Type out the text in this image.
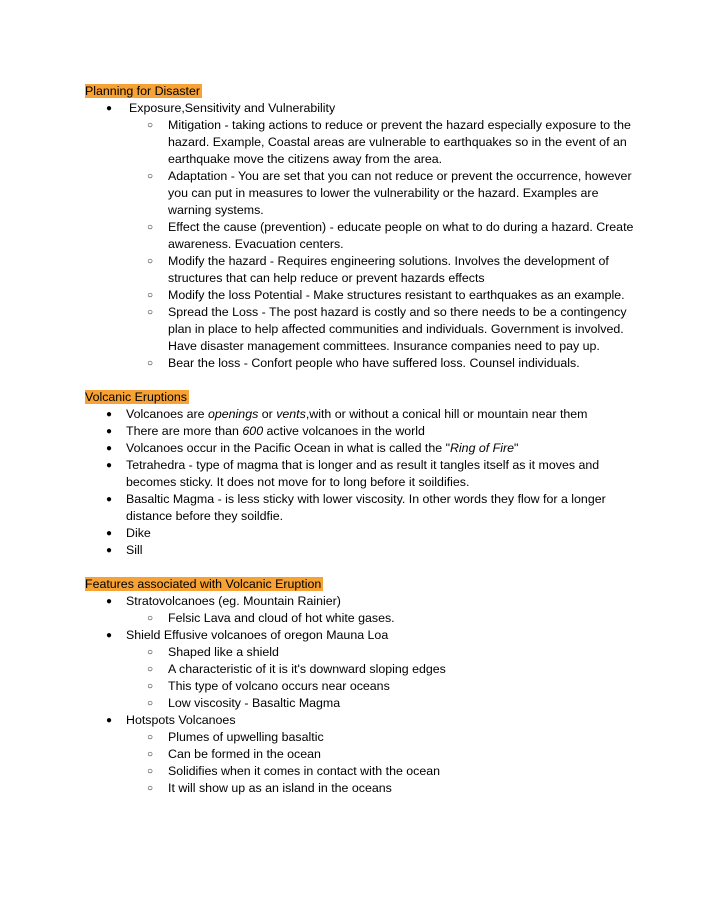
Planning for Disaster
● Exposure,Sensitivity and Vulnerability
○ Mitigation - taking actions to reduce or prevent the hazard especially exposure to the hazard. Example, Coastal areas are vulnerable to earthquakes so in the event of an earthquake move the citizens away from the area.
○ Adaptation - You are set that you can not reduce or prevent the occurrence, however you can put in measures to lower the vulnerability or the hazard. Examples are warning systems.
○ Effect the cause (prevention) - educate people on what to do during a hazard. Create awareness. Evacuation centers.
○ Modify the hazard - Requires engineering solutions. Involves the development of structures that can help reduce or prevent hazards effects
○ Modify the loss Potential - Make structures resistant to earthquakes as an example.
○ Spread the Loss - The post hazard is costly and so there needs to be a contingency plan in place to help affected communities and individuals. Government is involved. Have disaster management committees. Insurance companies need to pay up.
○ Bear the loss - Confort people who have suffered loss. Counsel individuals.
Volcanic Eruptions
● Volcanoes are openings or vents,with or without a conical hill or mountain near them
● There are more than 600 active volcanoes in the world
● Volcanoes occur in the Pacific Ocean in what is called the "Ring of Fire"
● Tetrahedra - type of magma that is longer and as result it tangles itself as it moves and becomes sticky. It does not move for to long before it soildifies.
● Basaltic Magma - is less sticky with lower viscosity. In other words they flow for a longer distance before they soildfie.
● Dike
● Sill
Features associated with Volcanic Eruption
● Stratovolcanoes (eg. Mountain Rainier)
○ Felsic Lava and cloud of hot white gases.
● Shield Effusive volcanoes of oregon Mauna Loa
○ Shaped like a shield
○ A characteristic of it is it's downward sloping edges
○ This type of volcano occurs near oceans
○ Low viscosity - Basaltic Magma
● Hotspots Volcanoes
○ Plumes of upwelling basaltic
○ Can be formed in the ocean
○ Solidifies when it comes in contact with the ocean
○ It will show up as an island in the oceans
